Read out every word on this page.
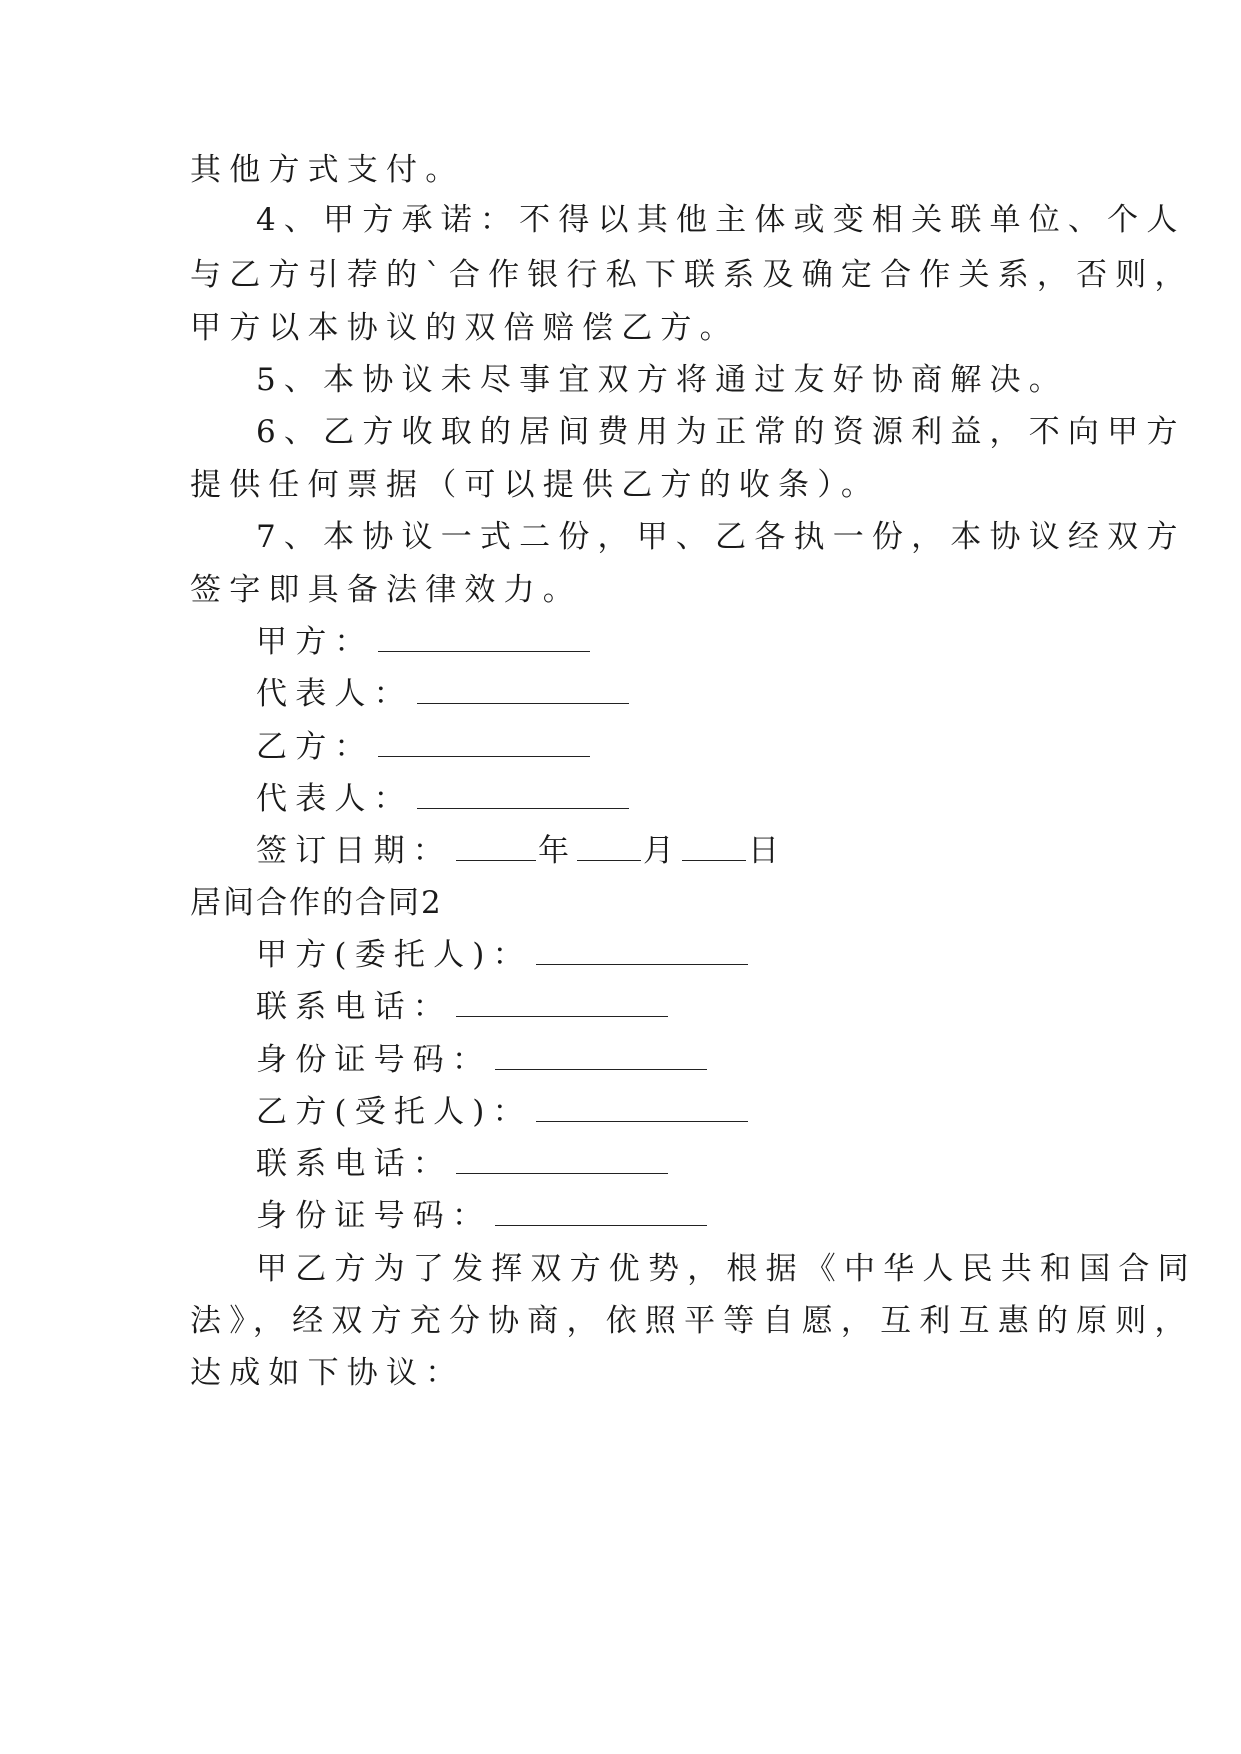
其他方式支付。
4、甲方承诺：不得以其他主体或变相关联单位、个人
与乙方引荐的`合作银行私下联系及确定合作关系，否则，
甲方以本协议的双倍赔偿乙方。
5、本协议未尽事宜双方将通过友好协商解决。
6、乙方收取的居间费用为正常的资源利益，不向甲方
提供任何票据（可以提供乙方的收条）。
7、本协议一式二份，甲、乙各执一份，本协议经双方
签字即具备法律效力。
甲方：
代表人：
乙方：
代表人：
签订日期：	年 月 日
居间合作的合同2
甲方(委托人)：
联系电话：
身份证号码：
乙方(受托人)：
联系电话：
身份证号码：
甲乙方为了发挥双方优势，根据《中华人民共和国合同
法》，经双方充分协商，依照平等自愿，互利互惠的原则，
达成如下协议：
